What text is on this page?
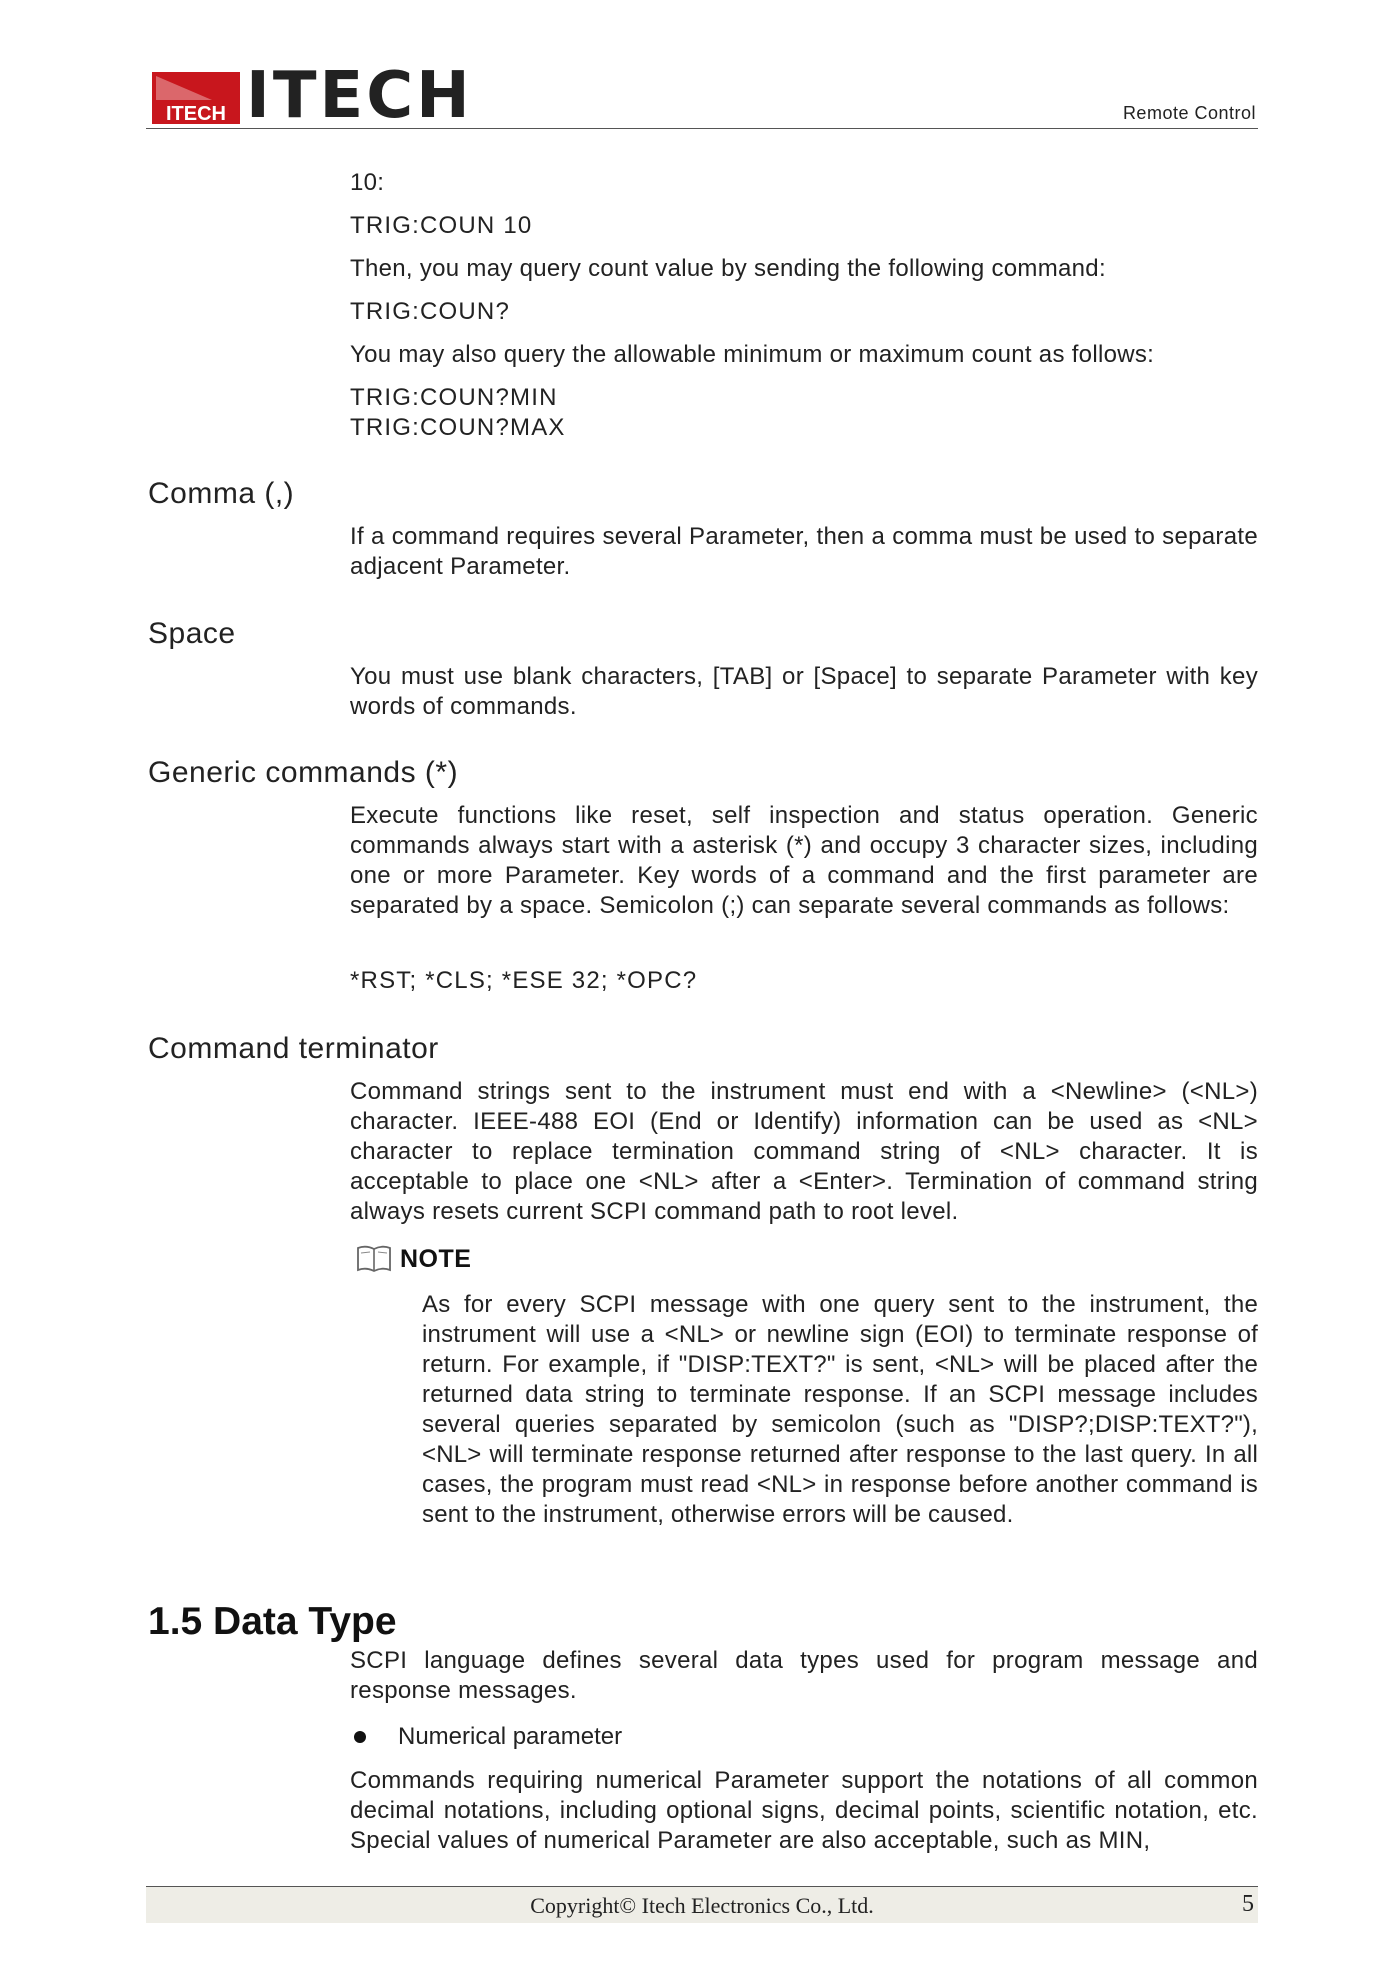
ITECH ITECH	Remote Control
10:
TRIG:COUN 10
Then, you may query count value by sending the following command:
TRIG:COUN?
You may also query the allowable minimum or maximum count as follows:
TRIG:COUN?MIN
TRIG:COUN?MAX
Comma (,)
If a command requires several Parameter, then a comma must be used to separate adjacent Parameter.
Space
You must use blank characters, [TAB] or [Space] to separate Parameter with key words of commands.
Generic commands (*)
Execute functions like reset, self inspection and status operation. Generic commands always start with a asterisk (*) and occupy 3 character sizes, including one or more Parameter. Key words of a command and the first parameter are separated by a space. Semicolon (;) can separate several commands as follows:
*RST; *CLS; *ESE 32; *OPC?
Command terminator
Command strings sent to the instrument must end with a <Newline> (<NL>) character. IEEE-488 EOI (End or Identify) information can be used as <NL> character to replace termination command string of <NL> character. It is acceptable to place one <NL> after a <Enter>. Termination of command string always resets current SCPI command path to root level.
NOTE
As for every SCPI message with one query sent to the instrument, the instrument will use a <NL> or newline sign (EOI) to terminate response of return. For example, if "DISP:TEXT?" is sent, <NL> will be placed after the returned data string to terminate response. If an SCPI message includes several queries separated by semicolon (such as "DISP?;DISP:TEXT?"), <NL> will terminate response returned after response to the last query. In all cases, the program must read <NL> in response before another command is sent to the instrument, otherwise errors will be caused.
1.5 Data Type
SCPI language defines several data types used for program message and response messages.
Numerical parameter
Commands requiring numerical Parameter support the notations of all common decimal notations, including optional signs, decimal points, scientific notation, etc. Special values of numerical Parameter are also acceptable, such as MIN,
Copyright© Itech Electronics Co., Ltd.	5
